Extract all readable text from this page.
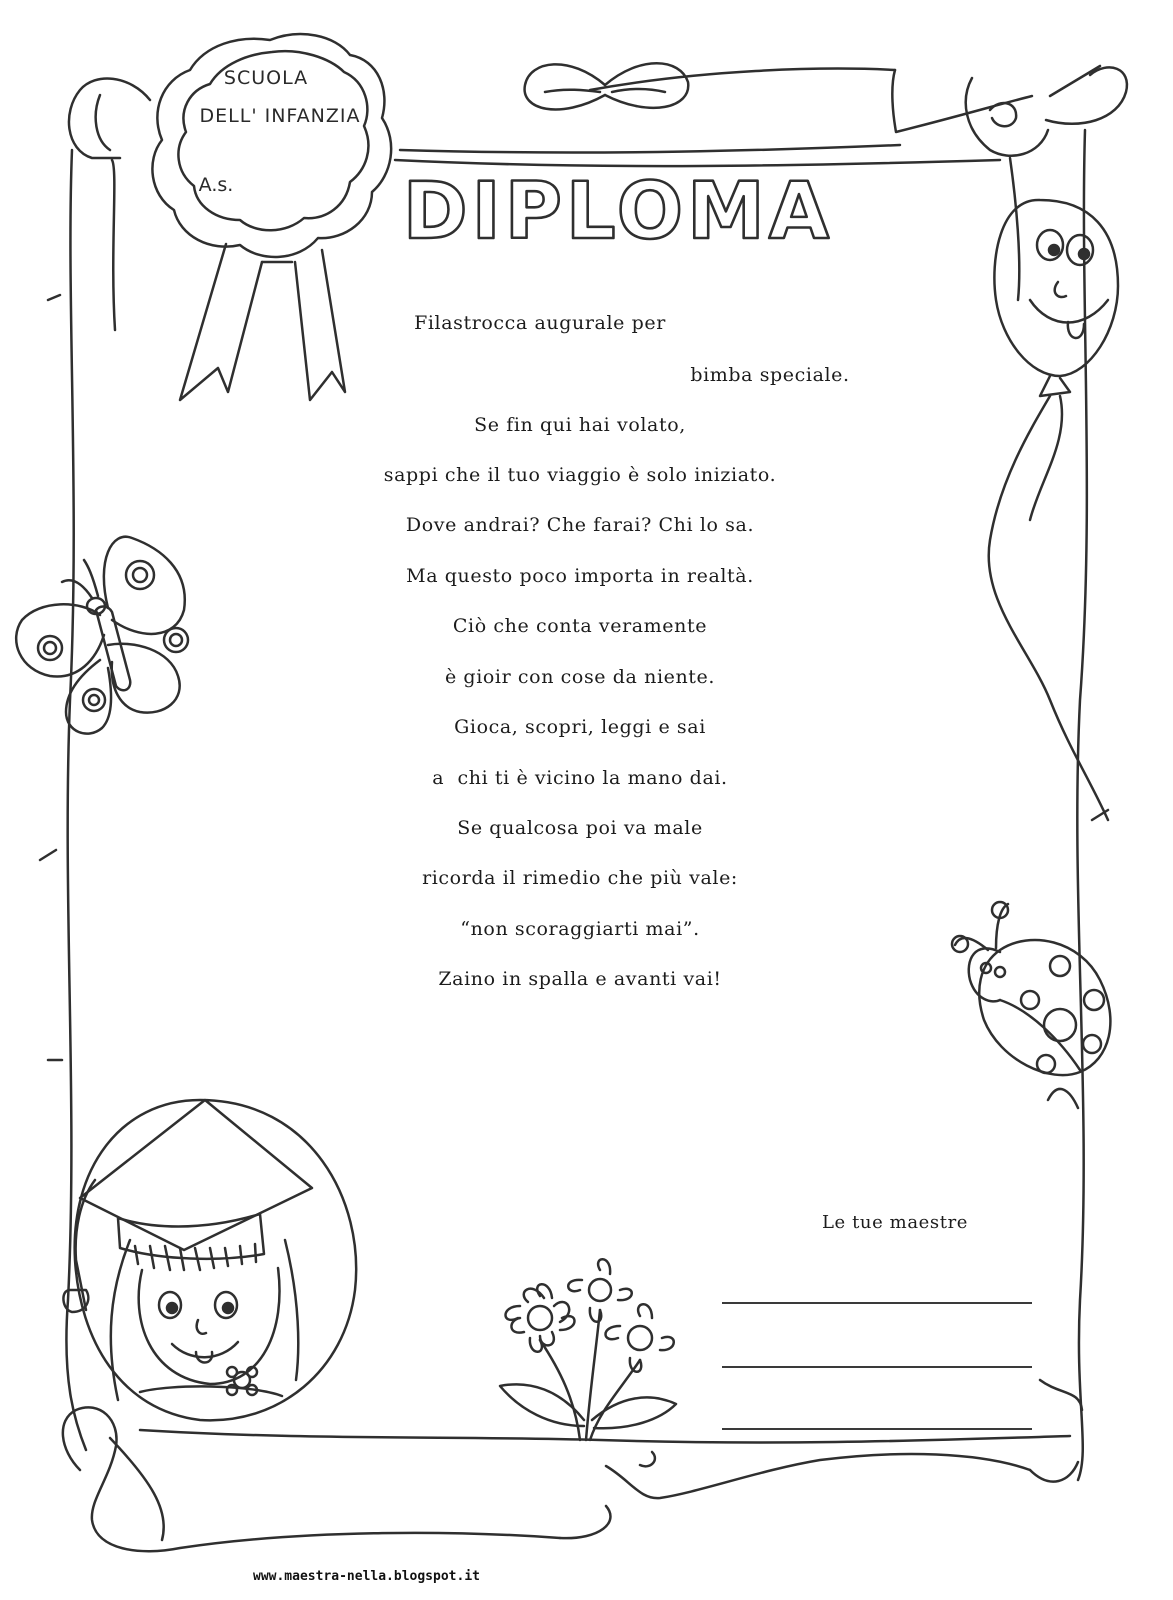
DIPLOMA
SCUOLA
DELL' INFANZIA
A.s.
Filastrocca augurale per
bimba speciale.
Se fin qui hai volato,
sappi che il tuo viaggio è solo iniziato.
Dove andrai? Che farai? Chi lo sa.
Ma questo poco importa in realtà.
Ciò che conta veramente
è gioir con cose da niente.
Gioca, scopri, leggi e sai
a  chi ti è vicino la mano dai.
Se qualcosa poi va male
ricorda il rimedio che più vale:
“non scoraggiarti mai”.
Zaino in spalla e avanti vai!
Le tue maestre
www.maestra-nella.blogspot.it
